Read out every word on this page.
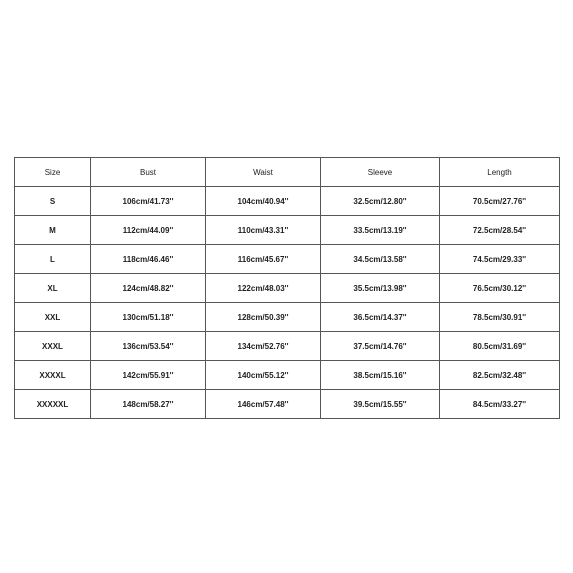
Size	Bust	Waist	Sleeve	Length
S	106cm/41.73''	104cm/40.94''	32.5cm/12.80''	70.5cm/27.76''
M	112cm/44.09''	110cm/43.31''	33.5cm/13.19''	72.5cm/28.54''
L	118cm/46.46''	116cm/45.67''	34.5cm/13.58''	74.5cm/29.33''
XL	124cm/48.82''	122cm/48.03''	35.5cm/13.98''	76.5cm/30.12''
XXL	130cm/51.18''	128cm/50.39''	36.5cm/14.37''	78.5cm/30.91''
XXXL	136cm/53.54''	134cm/52.76''	37.5cm/14.76''	80.5cm/31.69''
XXXXL	142cm/55.91''	140cm/55.12''	38.5cm/15.16''	82.5cm/32.48''
XXXXXL	148cm/58.27''	146cm/57.48''	39.5cm/15.55''	84.5cm/33.27''
